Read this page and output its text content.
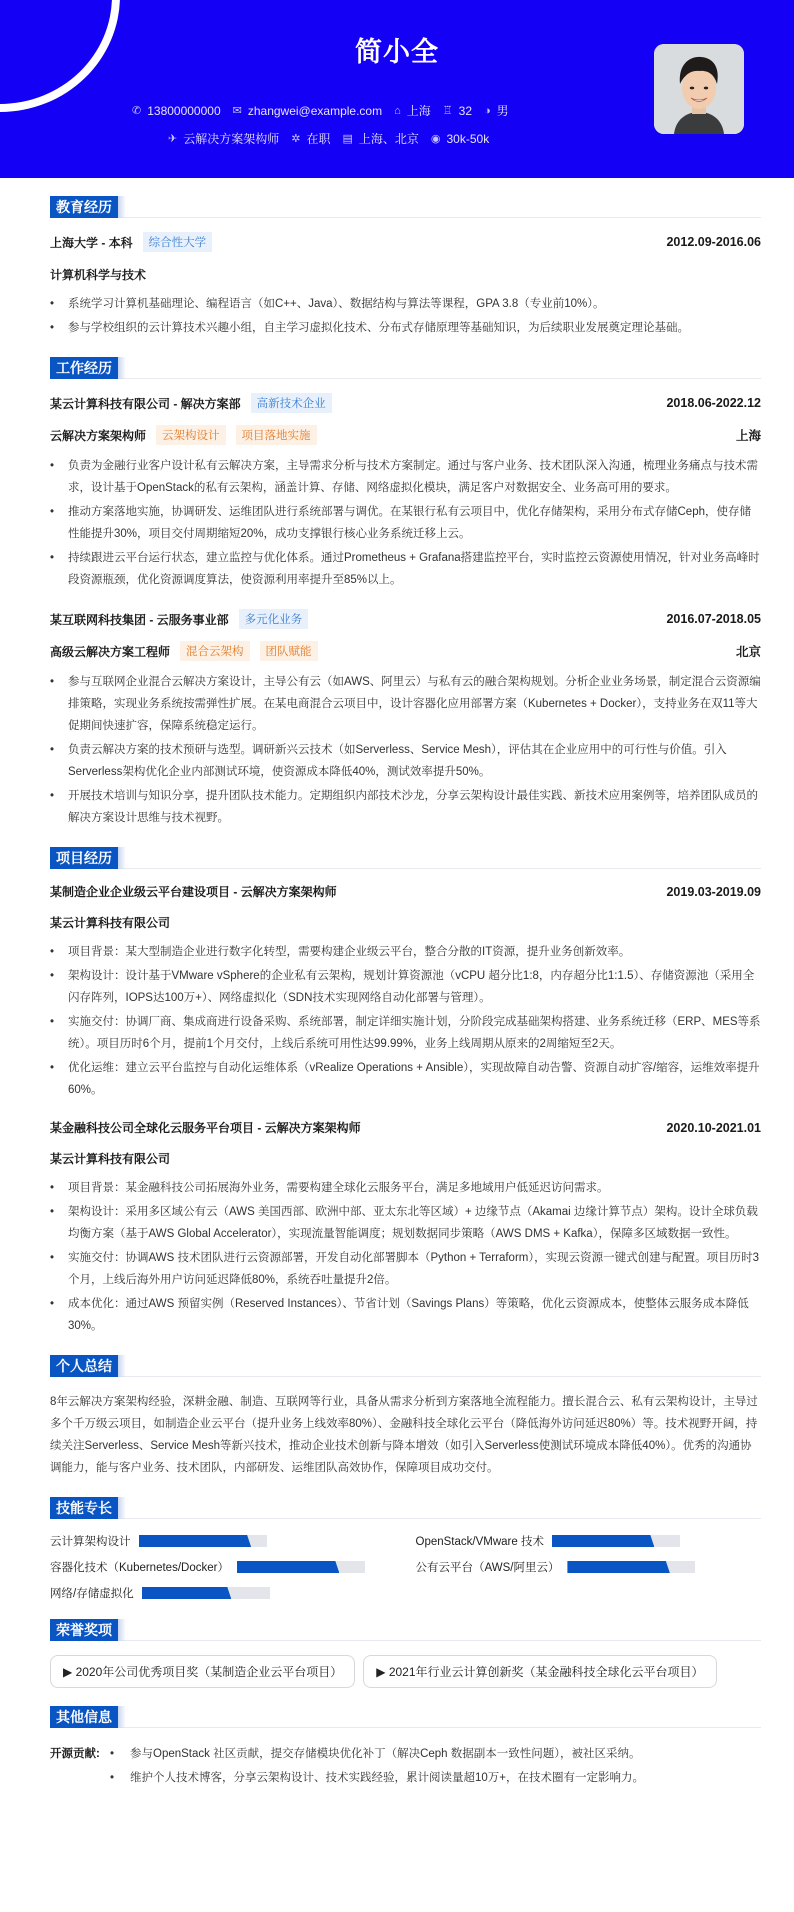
简小全
✆ 13800000000 ✉ zhangwei@example.com ⌂ 上海 ♖ 32 ◑ 男
✈ 云解决方案架构师 ✲ 在职 ▤ 上海、北京 ◉ 30k-50k
教育经历
上海大学 - 本科	综合性大学	2012.09-2016.06
计算机科学与技术
• 系统学习计算机基础理论、编程语言（如C++、Java）、数据结构与算法等课程，GPA 3.8（专业前10%）。
• 参与学校组织的云计算技术兴趣小组，自主学习虚拟化技术、分布式存储原理等基础知识，为后续职业发展奠定理论基础。
工作经历
某云计算科技有限公司 - 解决方案部	高新技术企业	2018.06-2022.12
云解决方案架构师	云架构设计	项目落地实施	上海
• 负责为金融行业客户设计私有云解决方案，主导需求分析与技术方案制定。通过与客户业务、技术团队深入沟通，梳理业务痛点与技术需求，设计基于OpenStack的私有云架构，涵盖计算、存储、网络虚拟化模块，满足客户对数据安全、业务高可用的要求。
• 推动方案落地实施，协调研发、运维团队进行系统部署与调优。在某银行私有云项目中，优化存储架构，采用分布式存储Ceph，使存储性能提升30%，项目交付周期缩短20%，成功支撑银行核心业务系统迁移上云。
• 持续跟进云平台运行状态，建立监控与优化体系。通过Prometheus + Grafana搭建监控平台，实时监控云资源使用情况，针对业务高峰时段资源瓶颈，优化资源调度算法，使资源利用率提升至85%以上。
某互联网科技集团 - 云服务事业部	多元化业务	2016.07-2018.05
高级云解决方案工程师	混合云架构	团队赋能	北京
• 参与互联网企业混合云解决方案设计，主导公有云（如AWS、阿里云）与私有云的融合架构规划。分析企业业务场景，制定混合云资源编排策略，实现业务系统按需弹性扩展。在某电商混合云项目中，设计容器化应用部署方案（Kubernetes + Docker），支持业务在双11等大促期间快速扩容，保障系统稳定运行。
• 负责云解决方案的技术预研与选型。调研新兴云技术（如Serverless、Service Mesh），评估其在企业应用中的可行性与价值。引入Serverless架构优化企业内部测试环境，使资源成本降低40%，测试效率提升50%。
• 开展技术培训与知识分享，提升团队技术能力。定期组织内部技术沙龙，分享云架构设计最佳实践、新技术应用案例等，培养团队成员的解决方案设计思维与技术视野。
项目经历
某制造企业企业级云平台建设项目 - 云解决方案架构师	2019.03-2019.09
某云计算科技有限公司
• 项目背景：某大型制造企业进行数字化转型，需要构建企业级云平台，整合分散的IT资源，提升业务创新效率。
• 架构设计：设计基于VMware vSphere的企业私有云架构，规划计算资源池（vCPU 超分比1:8，内存超分比1:1.5）、存储资源池（采用全闪存阵列，IOPS达100万+）、网络虚拟化（SDN技术实现网络自动化部署与管理）。
• 实施交付：协调厂商、集成商进行设备采购、系统部署，制定详细实施计划，分阶段完成基础架构搭建、业务系统迁移（ERP、MES等系统）。项目历时6个月，提前1个月交付，上线后系统可用性达99.99%，业务上线周期从原来的2周缩短至2天。
• 优化运维：建立云平台监控与自动化运维体系（vRealize Operations + Ansible），实现故障自动告警、资源自动扩容/缩容，运维效率提升60%。
某金融科技公司全球化云服务平台项目 - 云解决方案架构师	2020.10-2021.01
某云计算科技有限公司
• 项目背景：某金融科技公司拓展海外业务，需要构建全球化云服务平台，满足多地域用户低延迟访问需求。
• 架构设计：采用多区域公有云（AWS 美国西部、欧洲中部、亚太东北等区域）+ 边缘节点（Akamai 边缘计算节点）架构。设计全球负载均衡方案（基于AWS Global Accelerator），实现流量智能调度；规划数据同步策略（AWS DMS + Kafka），保障多区域数据一致性。
• 实施交付：协调AWS 技术团队进行云资源部署，开发自动化部署脚本（Python + Terraform），实现云资源一键式创建与配置。项目历时3个月，上线后海外用户访问延迟降低80%，系统吞吐量提升2倍。
• 成本优化：通过AWS 预留实例（Reserved Instances）、节省计划（Savings Plans）等策略，优化云资源成本，使整体云服务成本降低30%。
个人总结

8年云解决方案架构经验，深耕金融、制造、互联网等行业，具备从需求分析到方案落地全流程能力。擅长混合云、私有云架构设计，主导过多个千万级云项目，如制造企业云平台（提升业务上线效率80%）、金融科技全球化云平台（降低海外访问延迟80%）等。技术视野开阔，持续关注Serverless、Service Mesh等新兴技术，推动企业技术创新与降本增效（如引入Serverless使测试环境成本降低40%）。优秀的沟通协调能力，能与客户业务、技术团队，内部研发、运维团队高效协作，保障项目成功交付。

技能专长
云计算架构设计	OpenStack/VMware 技术
容器化技术（Kubernetes/Docker）	公有云平台（AWS/阿里云）
网络/存储虚拟化
荣誉奖项
▶ 2020年公司优秀项目奖（某制造企业云平台项目）	▶ 2021年行业云计算创新奖（某金融科技全球化云平台项目）
其他信息
开源贡献:	• 参与OpenStack 社区贡献，提交存储模块优化补丁（解决Ceph 数据副本一致性问题），被社区采纳。
• 维护个人技术博客，分享云架构设计、技术实践经验，累计阅读量超10万+，在技术圈有一定影响力。
